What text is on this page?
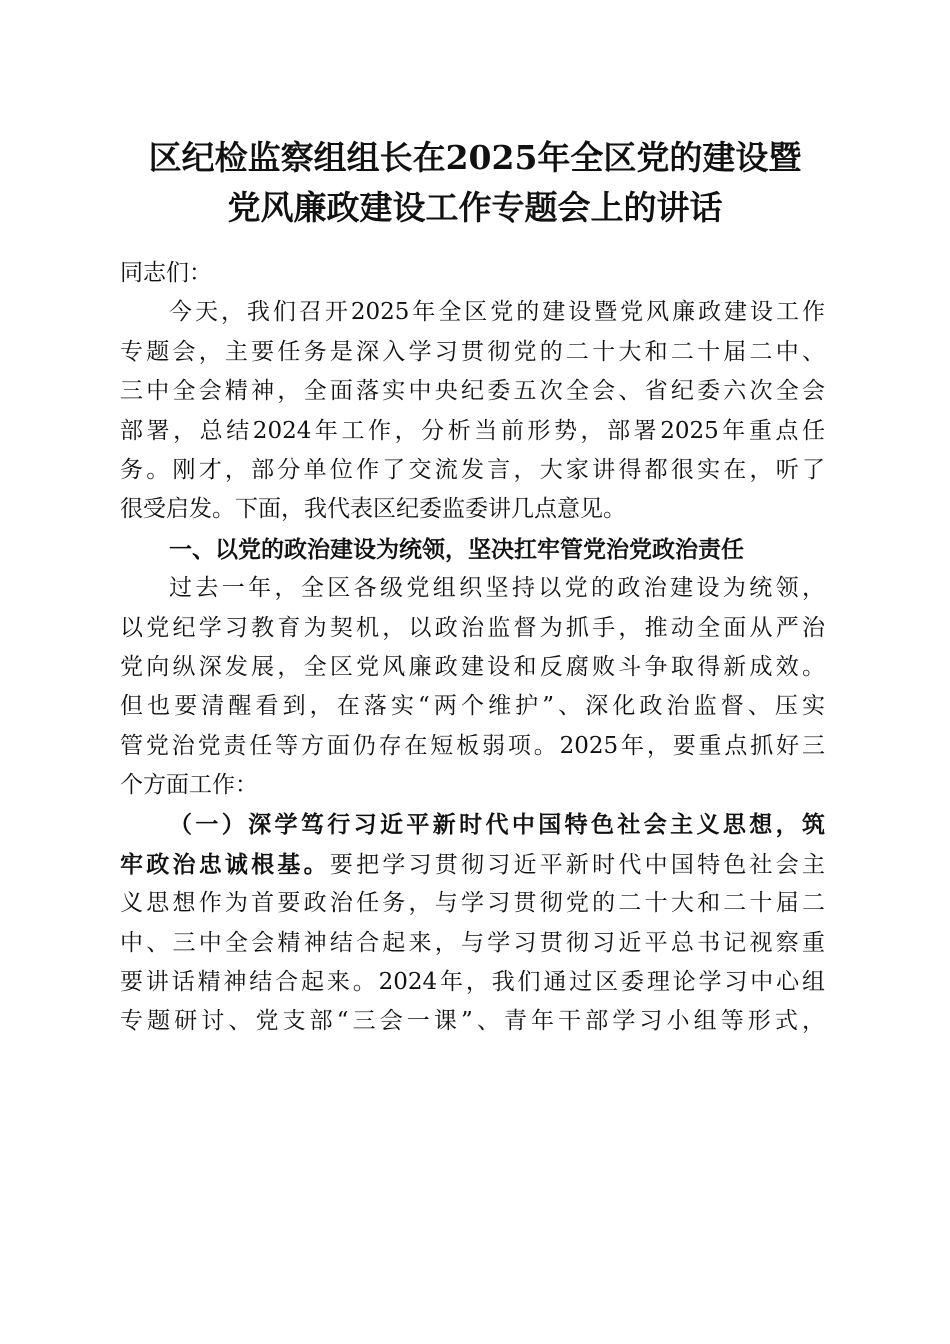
区纪检监察组组长在2025年全区党的建设暨
党风廉政建设工作专题会上的讲话
同志们：
今天，我们召开2025年全区党的建设暨党风廉政建设工作
专题会，主要任务是深入学习贯彻党的二十大和二十届二中、
三中全会精神，全面落实中央纪委五次全会、省纪委六次全会
部署，总结2024年工作，分析当前形势，部署2025年重点任
务。刚才，部分单位作了交流发言，大家讲得都很实在，听了
很受启发。下面，我代表区纪委监委讲几点意见。
一、以党的政治建设为统领，坚决扛牢管党治党政治责任
过去一年，全区各级党组织坚持以党的政治建设为统领，
以党纪学习教育为契机，以政治监督为抓手，推动全面从严治
党向纵深发展，全区党风廉政建设和反腐败斗争取得新成效。
但也要清醒看到，在落实“两个维护”、深化政治监督、压实
管党治党责任等方面仍存在短板弱项。2025年，要重点抓好三
个方面工作：
（一）深学笃行习近平新时代中国特色社会主义思想，筑
牢政治忠诚根基。要把学习贯彻习近平新时代中国特色社会主
义思想作为首要政治任务，与学习贯彻党的二十大和二十届二
中、三中全会精神结合起来，与学习贯彻习近平总书记视察重
要讲话精神结合起来。2024年，我们通过区委理论学习中心组
专题研讨、党支部“三会一课”、青年干部学习小组等形式，
